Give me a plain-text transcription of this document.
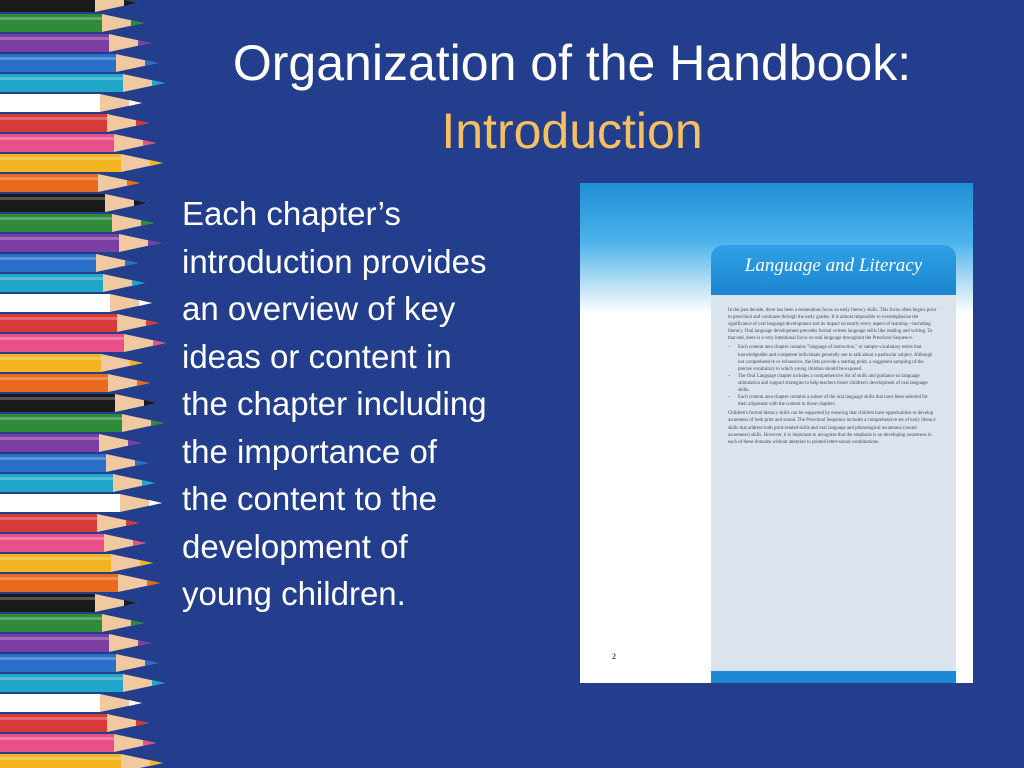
Organization of the Handbook:
Introduction
Each chapter’s
introduction provides
an overview of key
ideas or content in
the chapter including
the importance of
the content to the
development of
young children.
Language and Literacy

In the past decade, there has been a tremendous focus on early literacy skills. This focus often begins prior to preschool and continues through the early grades. It is almost impossible to overemphasize the significance of oral language development and its impact on nearly every aspect of learning—including literacy. Oral language development precedes formal written language skills like reading and writing. To that end, there is a very intentional focus on oral language throughout the Preschool Sequence.

• Each content area chapter contains "language of instruction," or sample vocabulary terms that knowledgeable and competent individuals generally use to talk about a particular subject. Although not comprehensive or exhaustive, the lists provide a starting point, a suggested sampling of the precise vocabulary to which young children should be exposed.
• The Oral Language chapter includes a comprehensive list of skills and guidance on language stimulation and support strategies to help teachers foster children's development of oral language skills.
• Each content area chapter contains a subset of the oral language skills that have been selected for their alignment with the content in those chapters.

Children's formal literacy skills can be supported by ensuring that children have opportunities to develop awareness of both print and sound. The Preschool Sequence includes a comprehensive set of early literacy skills that address both print-related skills and oral language and phonological awareness (sound awareness) skills. However, it is important to recognize that the emphasis is on developing awareness in each of these domains without attention to printed letter-sound combinations.

2
